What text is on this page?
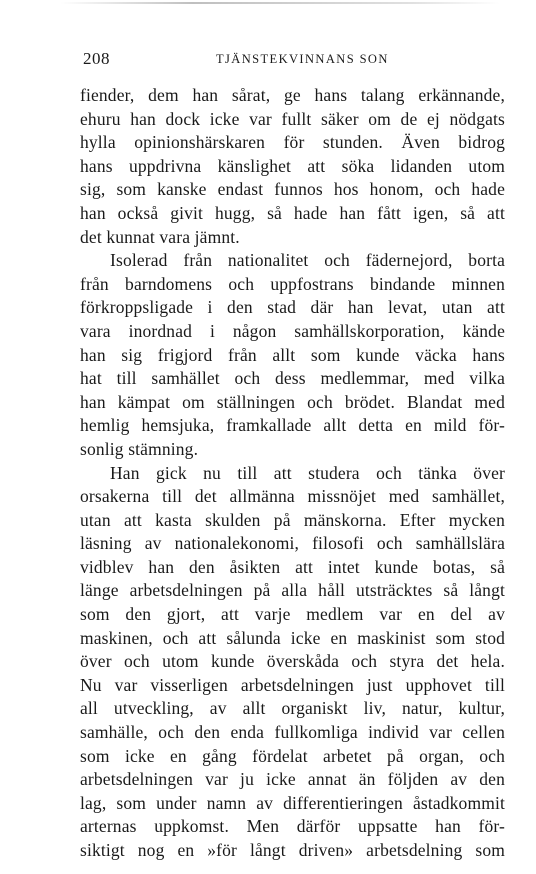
208	TJÄNSTEKVINNANS SON
fiender, dem han sårat, ge hans talang erkännande,
ehuru han dock icke var fullt säker om de ej nödgats
hylla opinionshärskaren för stunden. Även bidrog
hans uppdrivna känslighet att söka lidanden utom
sig, som kanske endast funnos hos honom, och hade
han också givit hugg, så hade han fått igen, så att
det kunnat vara jämnt.
Isolerad från nationalitet och fädernejord, borta
från barndomens och uppfostrans bindande minnen
förkroppsligade i den stad där han levat, utan att
vara inordnad i någon samhällskorporation, kände
han sig frigjord från allt som kunde väcka hans
hat till samhället och dess medlemmar, med vilka
han kämpat om ställningen och brödet. Blandat med
hemlig hemsjuka, framkallade allt detta en mild för-
sonlig stämning.
Han gick nu till att studera och tänka över
orsakerna till det allmänna missnöjet med samhället,
utan att kasta skulden på mänskorna. Efter mycken
läsning av nationalekonomi, filosofi och samhällslära
vidblev han den åsikten att intet kunde botas, så
länge arbetsdelningen på alla håll utsträcktes så långt
som den gjort, att varje medlem var en del av
maskinen, och att sålunda icke en maskinist som stod
över och utom kunde överskåda och styra det hela.
Nu var visserligen arbetsdelningen just upphovet till
all utveckling, av allt organiskt liv, natur, kultur,
samhälle, och den enda fullkomliga individ var cellen
som icke en gång fördelat arbetet på organ, och
arbetsdelningen var ju icke annat än följden av den
lag, som under namn av differentieringen åstadkommit
arternas uppkomst. Men därför uppsatte han för-
siktigt nog en »för långt driven» arbetsdelning som
